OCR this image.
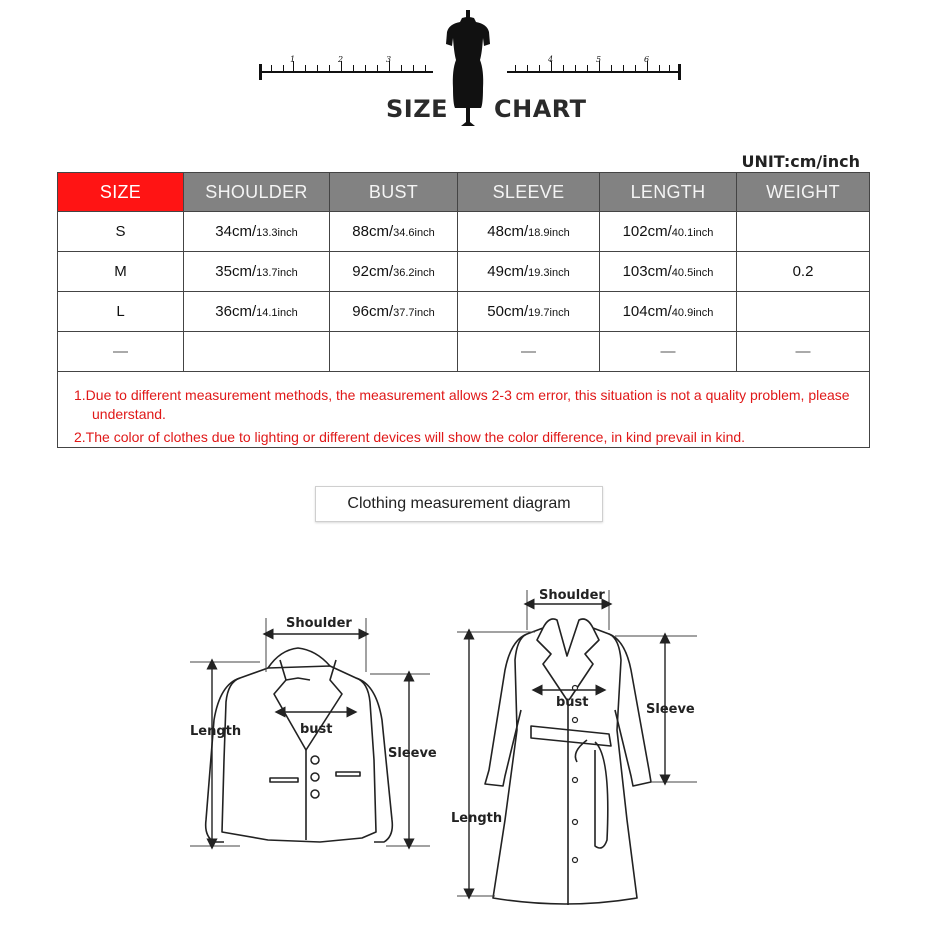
1	2	3	4	5	6
SIZE CHART
UNIT:cm/inch
SIZE	SHOULDER	BUST	SLEEVE	LENGTH	WEIGHT
S	34cm/13.3inch	88cm/34.6inch	48cm/18.9inch	102cm/40.1inch	
M	35cm/13.7inch	92cm/36.2inch	49cm/19.3inch	103cm/40.5inch	0.2
L	36cm/14.1inch	96cm/37.7inch	50cm/19.7inch	104cm/40.9inch	
—			—	—	—

1.Due to different measurement methods, the measurement allows 2-3 cm error, this situation is not a quality problem, please understand.

2.The color of clothes due to lighting or different devices will show the color difference, in kind prevail in kind.					

Clothing measurement diagram
Shoulder
bust
Length
Sleeve
Shoulder
bust
Length
Sleeve
